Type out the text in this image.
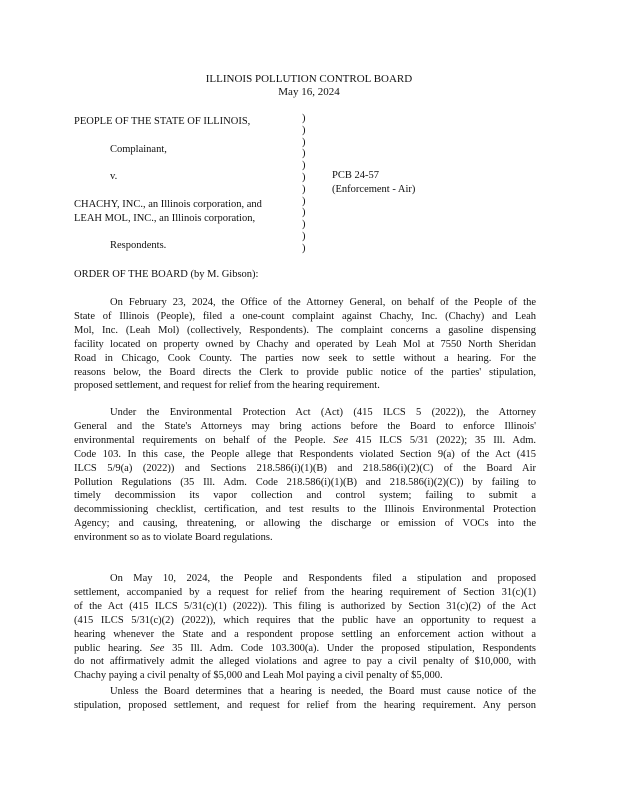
ILLINOIS POLLUTION CONTROL BOARD
May 16, 2024
PEOPLE OF THE STATE OF ILLINOIS,
Complainant,
v.
CHACHY, INC., an Illinois corporation, and
LEAH MOL, INC., an Illinois corporation,
Respondents.
)
)
)
)
)
)
)
)
)
)
)
)
PCB 24-57
(Enforcement - Air)
ORDER OF THE BOARD (by M. Gibson):
On February 23, 2024, the Office of the Attorney General, on behalf of the People of the
State of Illinois (People), filed a one-count complaint against Chachy, Inc. (Chachy) and Leah
Mol, Inc. (Leah Mol) (collectively, Respondents). The complaint concerns a gasoline dispensing
facility located on property owned by Chachy and operated by Leah Mol at 7550 North Sheridan
Road in Chicago, Cook County. The parties now seek to settle without a hearing. For the
reasons below, the Board directs the Clerk to provide public notice of the parties' stipulation,
proposed settlement, and request for relief from the hearing requirement.
Under the Environmental Protection Act (Act) (415 ILCS 5 (2022)), the Attorney
General and the State's Attorneys may bring actions before the Board to enforce Illinois'
environmental requirements on behalf of the People. See 415 ILCS 5/31 (2022); 35 Ill. Adm.
Code 103. In this case, the People allege that Respondents violated Section 9(a) of the Act (415
ILCS 5/9(a) (2022)) and Sections 218.586(i)(1)(B) and 218.586(i)(2)(C) of the Board Air
Pollution Regulations (35 Ill. Adm. Code 218.586(i)(1)(B) and 218.586(i)(2)(C)) by failing to
timely decommission its vapor collection and control system; failing to submit a
decommissioning checklist, certification, and test results to the Illinois Environmental Protection
Agency; and causing, threatening, or allowing the discharge or emission of VOCs into the
environment so as to violate Board regulations.
On May 10, 2024, the People and Respondents filed a stipulation and proposed
settlement, accompanied by a request for relief from the hearing requirement of Section 31(c)(1)
of the Act (415 ILCS 5/31(c)(1) (2022)). This filing is authorized by Section 31(c)(2) of the Act
(415 ILCS 5/31(c)(2) (2022)), which requires that the public have an opportunity to request a
hearing whenever the State and a respondent propose settling an enforcement action without a
public hearing. See 35 Ill. Adm. Code 103.300(a). Under the proposed stipulation, Respondents
do not affirmatively admit the alleged violations and agree to pay a civil penalty of $10,000, with
Chachy paying a civil penalty of $5,000 and Leah Mol paying a civil penalty of $5,000.
Unless the Board determines that a hearing is needed, the Board must cause notice of the
stipulation, proposed settlement, and request for relief from the hearing requirement. Any person
